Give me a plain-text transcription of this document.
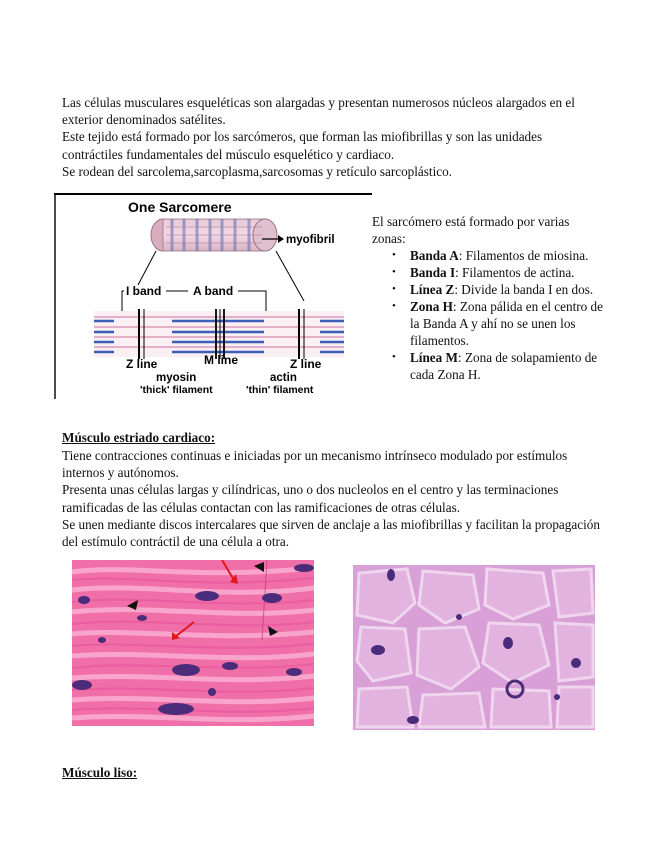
Las células musculares esqueléticas son alargadas y presentan numerosos núcleos alargados en el exterior denominados satélites.

Este tejido está formado por los sarcómeros, que forman las miofibrillas y son las unidades contráctiles fundamentales del músculo esquelético y cardiaco.

Se rodean del sarcolema,sarcoplasma,sarcosomas y retículo sarcoplástico.

One Sarcomere
myofibril
I band	A band
Z line	M line	Z line
myosin
'thick' filament
actin
'thin' filament

El sarcómero está formado por varias zonas:

• Banda A: Filamentos de miosina.
• Banda I: Filamentos de actina.
• Línea Z: Divide la banda I en dos.
• Zona H: Zona pálida en el centro de la Banda A y ahí no se unen los filamentos.
• Línea M: Zona de solapamiento de cada Zona H.
Músculo estriado cardiaco:

Tiene contracciones continuas e iniciadas por un mecanismo intrínseco modulado por estímulos internos y autónomos.

Presenta unas células largas y cilíndricas, uno o dos nucleolos en el centro y las terminaciones ramificadas de las células contactan con las ramificaciones de otras células.

Se unen mediante discos intercalares que sirven de anclaje a las miofibrillas y facilitan la propagación del estímulo contráctil de una célula a otra.

Músculo liso:
